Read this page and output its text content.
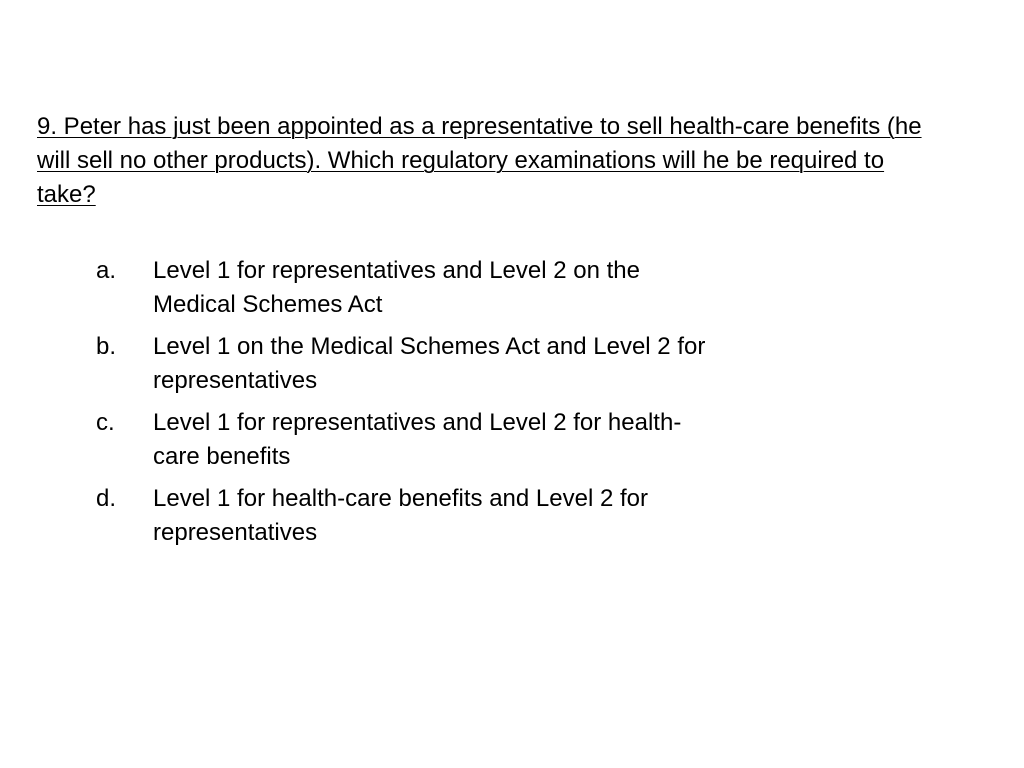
9. Peter has just been appointed as a representative to sell health-care benefits (he will sell no other products). Which regulatory examinations will he be required to take?

a.	Level 1 for representatives and Level 2 on the Medical Schemes Act
b.	Level 1 on the Medical Schemes Act and Level 2 for representatives
c.	Level 1 for representatives and Level 2 for health-care benefits
d.	Level 1 for health-care benefits and Level 2 for representatives
